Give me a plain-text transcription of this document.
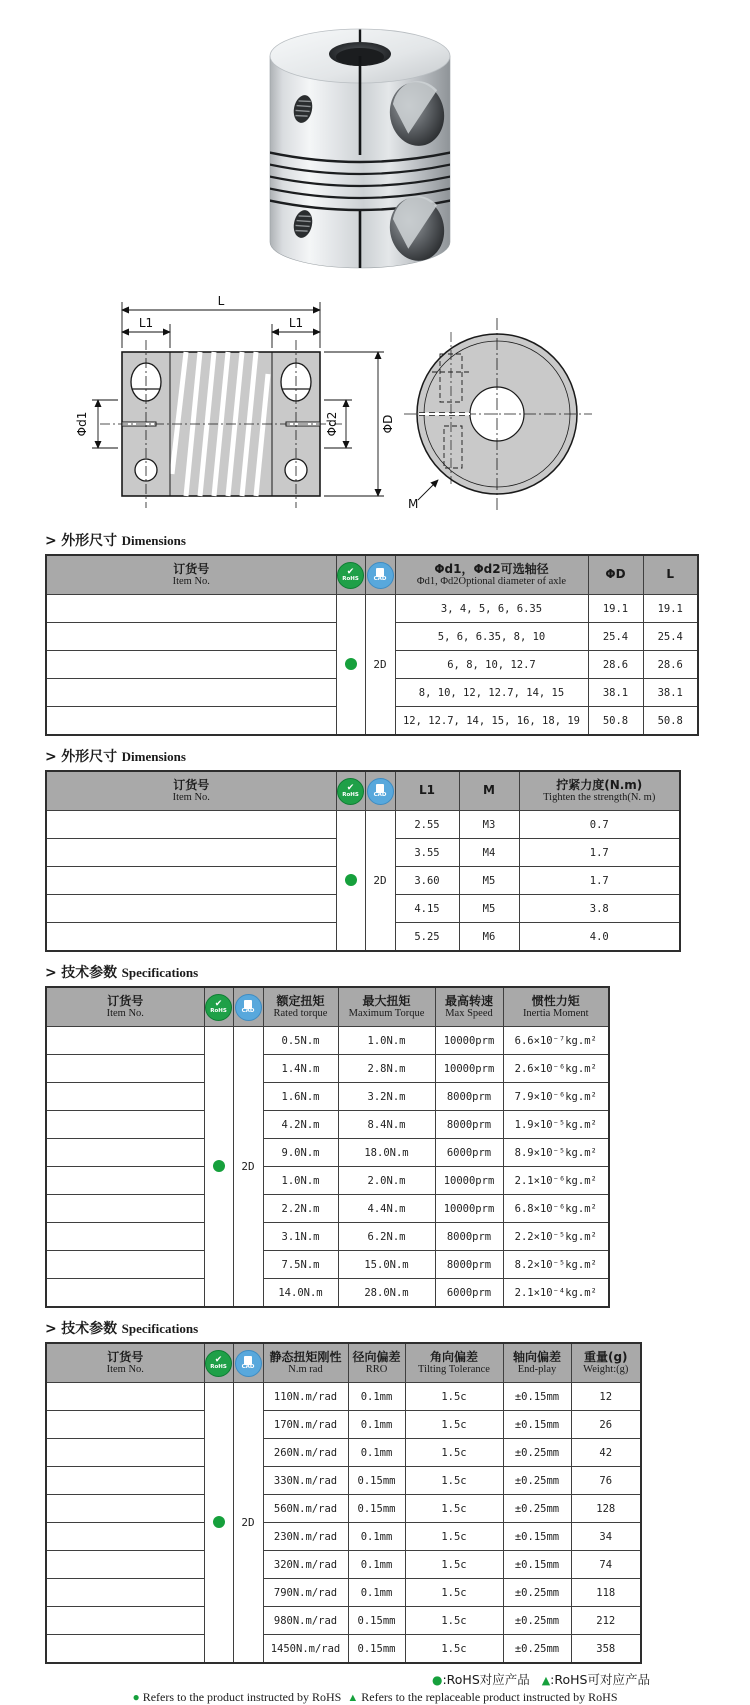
L
L1	L1
Φd1	Φd2	ΦD
M
> 外形尺寸 Dimensions
订货号
Item No.

✔
RoHS	CAD

Φd1，Φd2可选轴径
Φd1, Φd2Optional diameter of axle	ΦD	L

SG7-2-075-□□□□M SG7-2-075-□□□□M		2D	3, 4, 5, 6, 6.35	19.1	19.1
SG7-2-100-□□□□M SG7-2-100-□□□□M			5, 6, 6.35, 8, 10	25.4	25.4
SG7-2-112-□□□□M SG7-2-112-□□□□M			6, 8, 10, 12.7	28.6	28.6
SG7-2-150-□□□□M SG7-2-150-□□□□M			8, 10, 12, 12.7, 14, 15	38.1	38.1
SG7-2-200-□□□□M SG7-2-200-□□□□M			12, 12.7, 14, 15, 16, 18, 19	50.8	50.8
> 外形尺寸 Dimensions
订货号
Item No.

✔
RoHS	CAD	L1	M	拧紧力度(N.m)
Tighten the strength(N. m)

SG7-2-075-□□□□M SG7-2-075-□□□□M		2D	2.55	M3	0.7
SG7-2-100-□□□□M SG7-2-100-□□□□M			3.55	M4	1.7
SG7-2-112-□□□□M SG7-2-112-□□□□M			3.60	M5	1.7
SG7-2-150-□□□□M SG7-2-150-□□□□M			4.15	M5	3.8
SG7-2-200-□□□□M SG7-2-200-□□□□M			5.25	M6	4.0
> 技术参数 Specifications
订货号
Item No.

✔
RoHS	CAD

额定扭矩
Rated torque

最大扭矩
Maximum Torque

最高转速
Max Speed

惯性力矩
Inertia Moment

SG7-2-075-□□□□M		2D	0.5N.m	1.0N.m	10000prm	6.6×10⁻⁷kg.m²
SG7-2-100-□□□□M			1.4N.m	2.8N.m	10000prm	2.6×10⁻⁶kg.m²
SG7-2-112-□□□□M			1.6N.m	3.2N.m	8000prm	7.9×10⁻⁶kg.m²
SG7-2-150-□□□□M			4.2N.m	8.4N.m	8000prm	1.9×10⁻⁵kg.m²
SG7-2-200-□□□□M			9.0N.m	18.0N.m	6000prm	8.9×10⁻⁵kg.m²
SG7-2-075-□□□□M			1.0N.m	2.0N.m	10000prm	2.1×10⁻⁶kg.m²
SG7-2-100-□□□□M			2.2N.m	4.4N.m	10000prm	6.8×10⁻⁶kg.m²
SG7-2-112-□□□□M			3.1N.m	6.2N.m	8000prm	2.2×10⁻⁵kg.m²
SG7-2-150-□□□□M			7.5N.m	15.0N.m	8000prm	8.2×10⁻⁵kg.m²
SG7-2-200-□□□□M			14.0N.m	28.0N.m	6000prm	2.1×10⁻⁴kg.m²
> 技术参数 Specifications
订货号
Item No.

✔
RoHS	CAD

静态扭矩刚性
N.m rad

径向偏差
RRO

角向偏差
Tilting Tolerance

轴向偏差
End-play

重量(g)
Weight:(g)

SG7-2-075-□□□□M		2D	110N.m/rad	0.1mm	1.5c	±0.15mm	12
SG7-2-100-□□□□M			170N.m/rad	0.1mm	1.5c	±0.15mm	26
SG7-2-112-□□□□M			260N.m/rad	0.1mm	1.5c	±0.25mm	42
SG7-2-150-□□□□M			330N.m/rad	0.15mm	1.5c	±0.25mm	76
SG7-2-200-□□□□M			560N.m/rad	0.15mm	1.5c	±0.25mm	128
SG7-2-075-□□□□M			230N.m/rad	0.1mm	1.5c	±0.15mm	34
SG7-2-100-□□□□M			320N.m/rad	0.1mm	1.5c	±0.15mm	74
SG7-2-112-□□□□M			790N.m/rad	0.1mm	1.5c	±0.25mm	118
SG7-2-150-□□□□M			980N.m/rad	0.15mm	1.5c	±0.25mm	212
SG7-2-200-□□□□M			1450N.m/rad	0.15mm	1.5c	±0.25mm	358
●:RoHS对应产品 ▲:RoHS可对应产品
● Refers to the product instructed by RoHS ▲ Refers to the replaceable product instructed by RoHS
